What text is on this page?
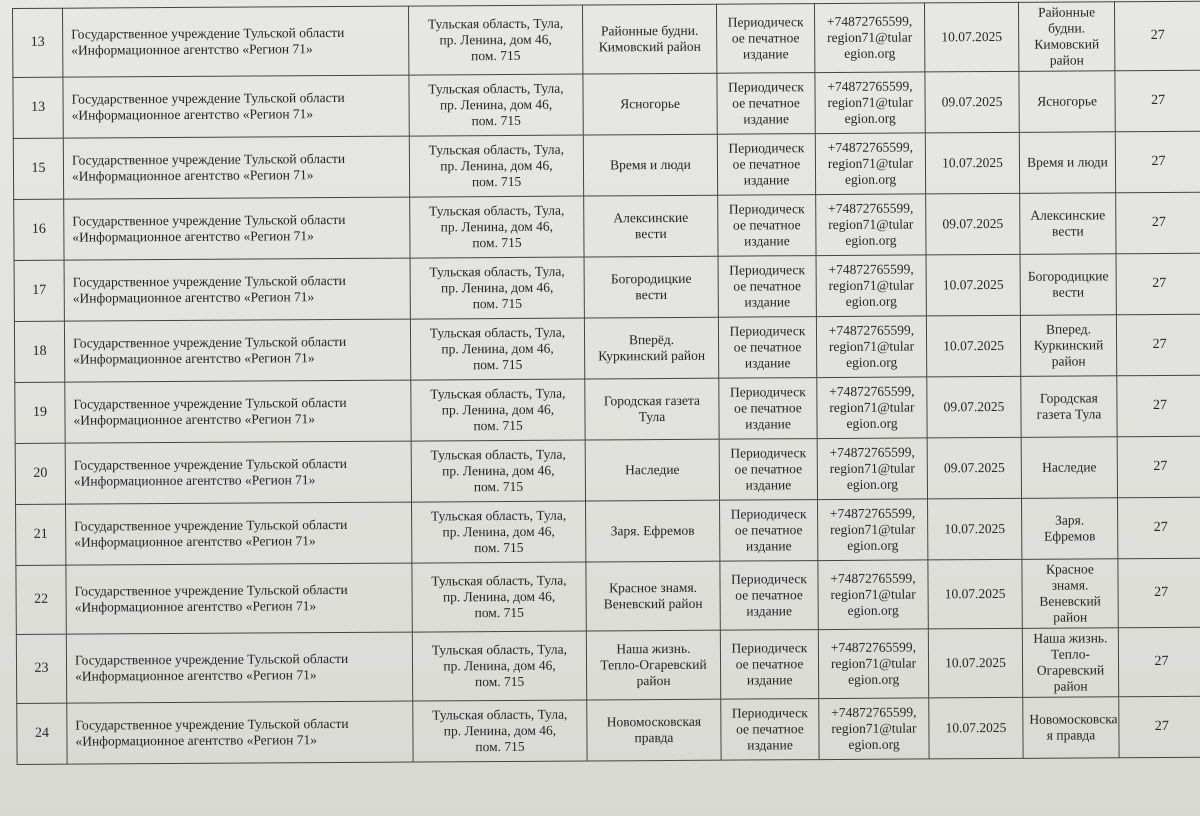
13	Государственное учреждение Тульской области
«Информационное агентство «Регион 71»	Тульская область, Тула,
пр. Ленина, дом 46,
пом. 715	Районные будни.
Кимовский район	Периодическ
ое печатное
издание	+74872765599,
region71@tular
egion.org	10.07.2025	Районные
будни.
Кимовский
район	27
13	Государственное учреждение Тульской области
«Информационное агентство «Регион 71»	Тульская область, Тула,
пр. Ленина, дом 46,
пом. 715	Ясногорье	Периодическ
ое печатное
издание	+74872765599,
region71@tular
egion.org	09.07.2025	Ясногорье	27
15	Государственное учреждение Тульской области
«Информационное агентство «Регион 71»	Тульская область, Тула,
пр. Ленина, дом 46,
пом. 715	Время и люди	Периодическ
ое печатное
издание	+74872765599,
region71@tular
egion.org	10.07.2025	Время и люди	27
16	Государственное учреждение Тульской области
«Информационное агентство «Регион 71»	Тульская область, Тула,
пр. Ленина, дом 46,
пом. 715	Алексинские
вести	Периодическ
ое печатное
издание	+74872765599,
region71@tular
egion.org	09.07.2025	Алексинские
вести	27
17	Государственное учреждение Тульской области
«Информационное агентство «Регион 71»	Тульская область, Тула,
пр. Ленина, дом 46,
пом. 715	Богородицкие
вести	Периодическ
ое печатное
издание	+74872765599,
region71@tular
egion.org	10.07.2025	Богородицкие
вести	27
18	Государственное учреждение Тульской области
«Информационное агентство «Регион 71»	Тульская область, Тула,
пр. Ленина, дом 46,
пом. 715	Вперёд.
Куркинский район	Периодическ
ое печатное
издание	+74872765599,
region71@tular
egion.org	10.07.2025	Вперед.
Куркинский
район	27
19	Государственное учреждение Тульской области
«Информационное агентство «Регион 71»	Тульская область, Тула,
пр. Ленина, дом 46,
пом. 715	Городская газета
Тула	Периодическ
ое печатное
издание	+74872765599,
region71@tular
egion.org	09.07.2025	Городская
газета Тула	27
20	Государственное учреждение Тульской области
«Информационное агентство «Регион 71»	Тульская область, Тула,
пр. Ленина, дом 46,
пом. 715	Наследие	Периодическ
ое печатное
издание	+74872765599,
region71@tular
egion.org	09.07.2025	Наследие	27
21	Государственное учреждение Тульской области
«Информационное агентство «Регион 71»	Тульская область, Тула,
пр. Ленина, дом 46,
пом. 715	Заря. Ефремов	Периодическ
ое печатное
издание	+74872765599,
region71@tular
egion.org	10.07.2025	Заря. Ефремов	27
22	Государственное учреждение Тульской области
«Информационное агентство «Регион 71»	Тульская область, Тула,
пр. Ленина, дом 46,
пом. 715	Красное знамя.
Веневский район	Периодическ
ое печатное
издание	+74872765599,
region71@tular
egion.org	10.07.2025	Красное знамя.
Веневский
район	27
23	Государственное учреждение Тульской области
«Информационное агентство «Регион 71»	Тульская область, Тула,
пр. Ленина, дом 46,
пом. 715	Наша жизнь.
Тепло-Огаревский
район	Периодическ
ое печатное
издание	+74872765599,
region71@tular
egion.org	10.07.2025	Наша жизнь.
Тепло-
Огаревский
район	27
24	Государственное учреждение Тульской области
«Информационное агентство «Регион 71»	Тульская область, Тула,
пр. Ленина, дом 46,
пом. 715	Новомосковская
правда	Периодическ
ое печатное
издание	+74872765599,
region71@tular
egion.org	10.07.2025	Новомосковска
я правда	27
